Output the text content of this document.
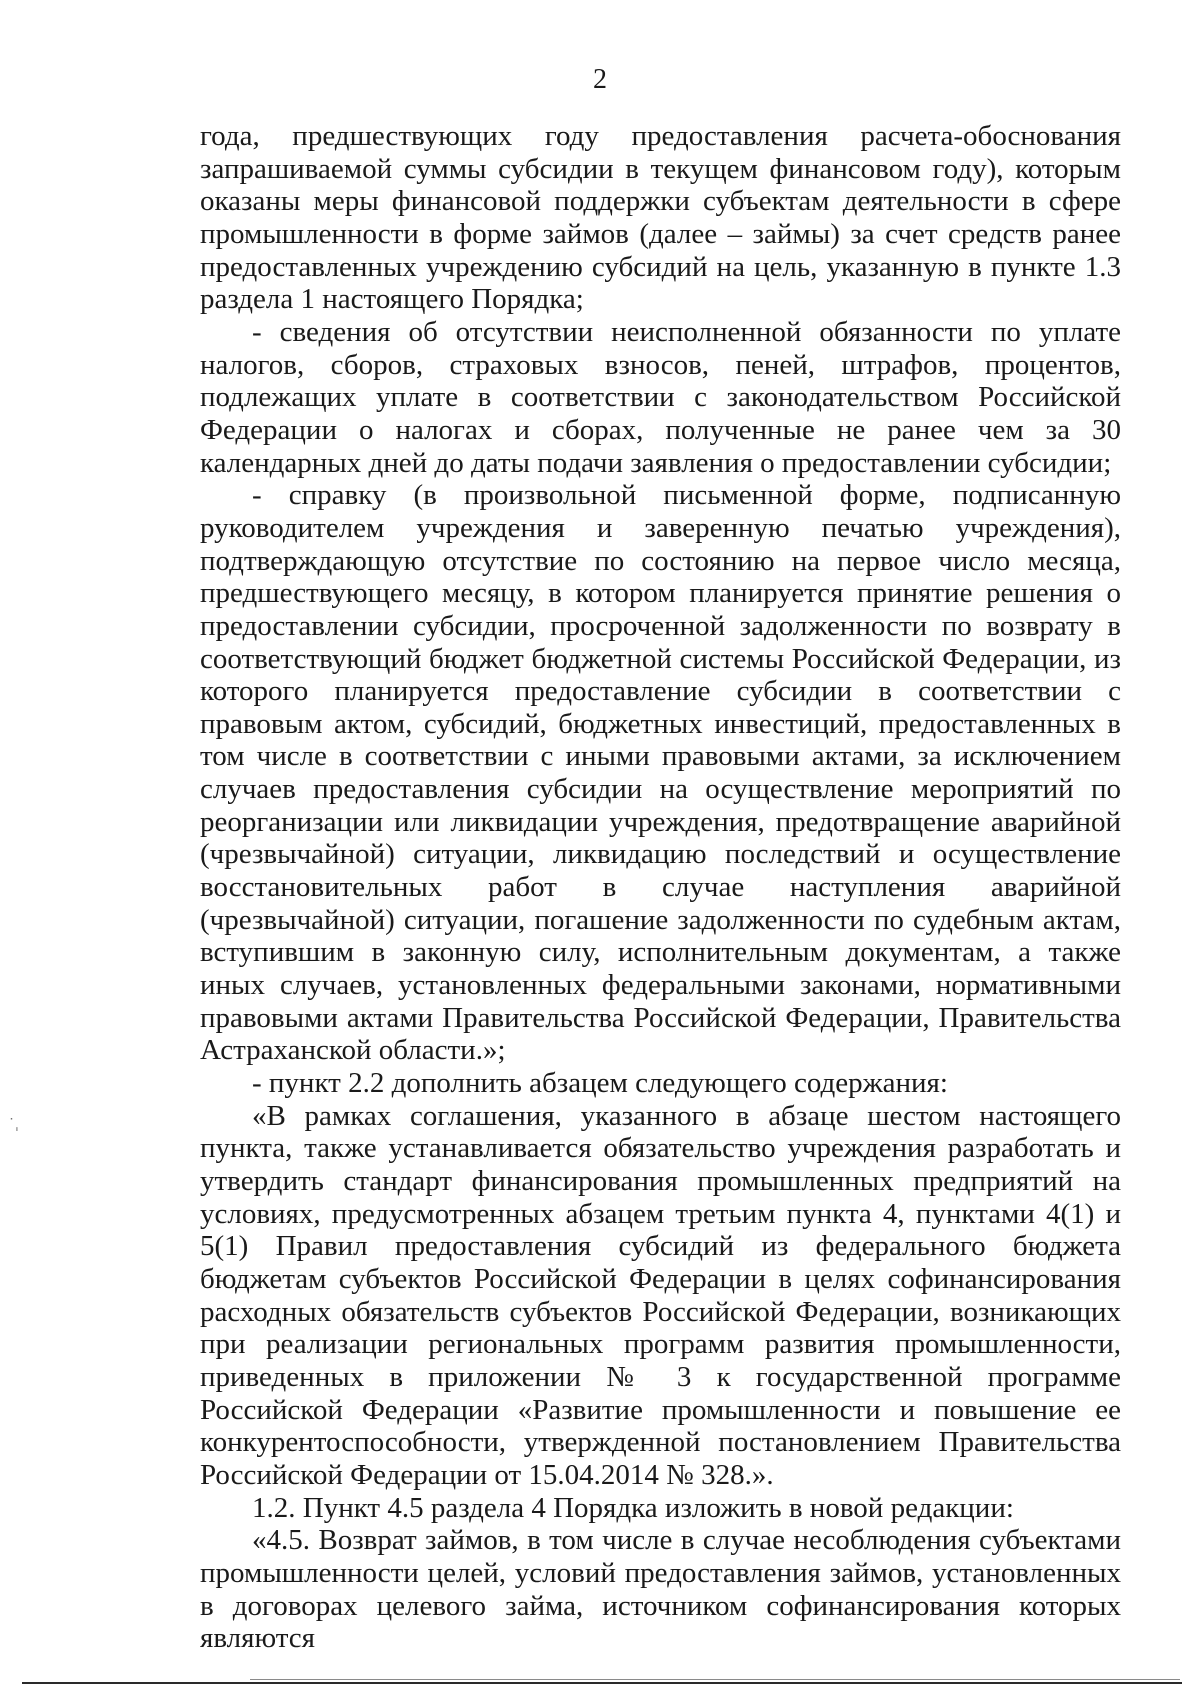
2

года, предшествующих году предоставления расчета-обоснования запрашиваемой суммы субсидии в текущем финансовом году), которым оказаны меры финансовой поддержки субъектам деятельности в сфере промышленности в форме займов (далее – займы) за счет средств ранее предоставленных учреждению субсидий на цель, указанную в пункте 1.3 раздела 1 настоящего Порядка;

- сведения об отсутствии неисполненной обязанности по уплате налогов, сборов, страховых взносов, пеней, штрафов, процентов, подлежащих уплате в соответствии с законодательством Российской Федерации о налогах и сборах, полученные не ранее чем за 30 календарных дней до даты подачи заявления о предоставлении субсидии;

- справку (в произвольной письменной форме, подписанную руководителем учреждения и заверенную печатью учреждения), подтверждающую отсутствие по состоянию на первое число месяца, предшествующего месяцу, в котором планируется принятие решения о предоставлении субсидии, просроченной задолженности по возврату в соответствующий бюджет бюджетной системы Российской Федерации, из которого планируется предоставление субсидии в соответствии с правовым актом, субсидий, бюджетных инвестиций, предоставленных в том числе в соответствии с иными правовыми актами, за исключением случаев предоставления субсидии на осуществление мероприятий по реорганизации или ликвидации учреждения, предотвращение аварийной (чрезвычайной) ситуации, ликвидацию последствий и осуществление восстановительных работ в случае наступления аварийной (чрезвычайной) ситуации, погашение задолженности по судебным актам, вступившим в законную силу, исполнительным документам, а также иных случаев, установленных федеральными законами, нормативными правовыми актами Правительства Российской Федерации, Правительства Астраханской области.»;

- пункт 2.2 дополнить абзацем следующего содержания:

«В рамках соглашения, указанного в абзаце шестом настоящего пункта, также устанавливается обязательство учреждения разработать и утвердить стандарт финансирования промышленных предприятий на условиях, предусмотренных абзацем третьим пункта 4, пунктами 4(1) и 5(1) Правил предоставления субсидий из федерального бюджета бюджетам субъектов Российской Федерации в целях софинансирования расходных обязательств субъектов Российской Федерации, возникающих при реализации региональных программ развития промышленности, приведенных в приложении № 3 к государственной программе Российской Федерации «Развитие промышленности и повышение ее конкурентоспособности, утвержденной постановлением Правительства Российской Федерации от 15.04.2014 № 328.».

1.2. Пункт 4.5 раздела 4 Порядка изложить в новой редакции:

«4.5. Возврат займов, в том числе в случае несоблюдения субъектами промышленности целей, условий предоставления займов, установленных в договорах целевого займа, источником софинансирования которых являются

˙ˌ
